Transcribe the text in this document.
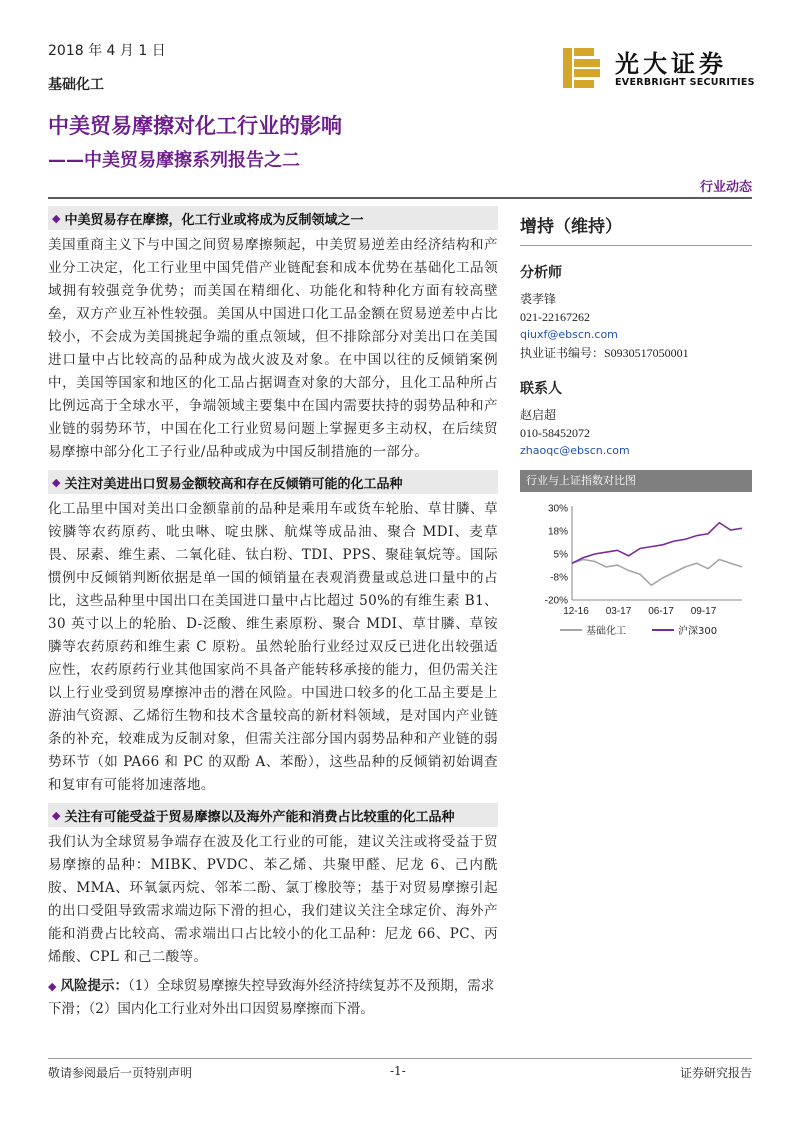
2018 年 4 月 1 日
基础化工
光大证券
EVERBRIGHT SECURITIES
中美贸易摩擦对化工行业的影响
——中美贸易摩擦系列报告之二
行业动态
◆ 中美贸易存在摩擦，化工行业或将成为反制领域之一
美国重商主义下与中国之间贸易摩擦频起，中美贸易逆差由经济结构和产业分工决定，化工行业里中国凭借产业链配套和成本优势在基础化工品领域拥有较强竞争优势；而美国在精细化、功能化和特种化方面有较高壁垒，双方产业互补性较强。美国从中国进口化工品金额在贸易逆差中占比较小，不会成为美国挑起争端的重点领域，但不排除部分对美出口在美国进口量中占比较高的品种成为战火波及对象。在中国以往的反倾销案例中，美国等国家和地区的化工品占据调查对象的大部分，且化工品种所占比例远高于全球水平，争端领域主要集中在国内需要扶持的弱势品种和产业链的弱势环节，中国在化工行业贸易问题上掌握更多主动权，在后续贸易摩擦中部分化工子行业/品种或成为中国反制措施的一部分。
◆ 关注对美进出口贸易金额较高和存在反倾销可能的化工品种
化工品里中国对美出口金额靠前的品种是乘用车或货车轮胎、草甘膦、草铵膦等农药原药、吡虫啉、啶虫脒、航煤等成品油、聚合 MDI、麦草畏、尿素、维生素、二氧化硅、钛白粉、TDI、PPS、聚硅氧烷等。国际惯例中反倾销判断依据是单一国的倾销量在表观消费量或总进口量中的占比，这些品种里中国出口在美国进口量中占比超过 50%的有维生素 B1、30 英寸以上的轮胎、D-泛酸、维生素原粉、聚合 MDI、草甘膦、草铵膦等农药原药和维生素 C 原粉。虽然轮胎行业经过双反已进化出较强适应性，农药原药行业其他国家尚不具备产能转移承接的能力，但仍需关注以上行业受到贸易摩擦冲击的潜在风险。中国进口较多的化工品主要是上游油气资源、乙烯衍生物和技术含量较高的新材料领域，是对国内产业链条的补充，较难成为反制对象，但需关注部分国内弱势品种和产业链的弱势环节（如 PA66 和 PC 的双酚 A、苯酚），这些品种的反倾销初始调查和复审有可能将加速落地。
◆ 关注有可能受益于贸易摩擦以及海外产能和消费占比较重的化工品种
我们认为全球贸易争端存在波及化工行业的可能，建议关注或将受益于贸易摩擦的品种：MIBK、PVDC、苯乙烯、共聚甲醛、尼龙 6、己内酰胺、MMA、环氧氯丙烷、邻苯二酚、氯丁橡胶等；基于对贸易摩擦引起的出口受阻导致需求端边际下滑的担心，我们建议关注全球定价、海外产能和消费占比较高、需求端出口占比较小的化工品种：尼龙 66、PC、丙烯酸、CPL 和己二酸等。
◆ 风险提示：（1）全球贸易摩擦失控导致海外经济持续复苏不及预期，需求下滑；（2）国内化工行业对外出口因贸易摩擦而下滑。
增持（维持）
分析师
裘孝锋
021-22167262
qiuxf@ebscn.com
执业证书编号：S0930517050001
联系人
赵启超
010-58452072
zhaoqc@ebscn.com
行业与上证指数对比图
30%
18%
5%
-8%
-20%
12-16 03-17 06-17 09-17
基础化工	沪深300
敬请参阅最后一页特别声明	-1-	证券研究报告
